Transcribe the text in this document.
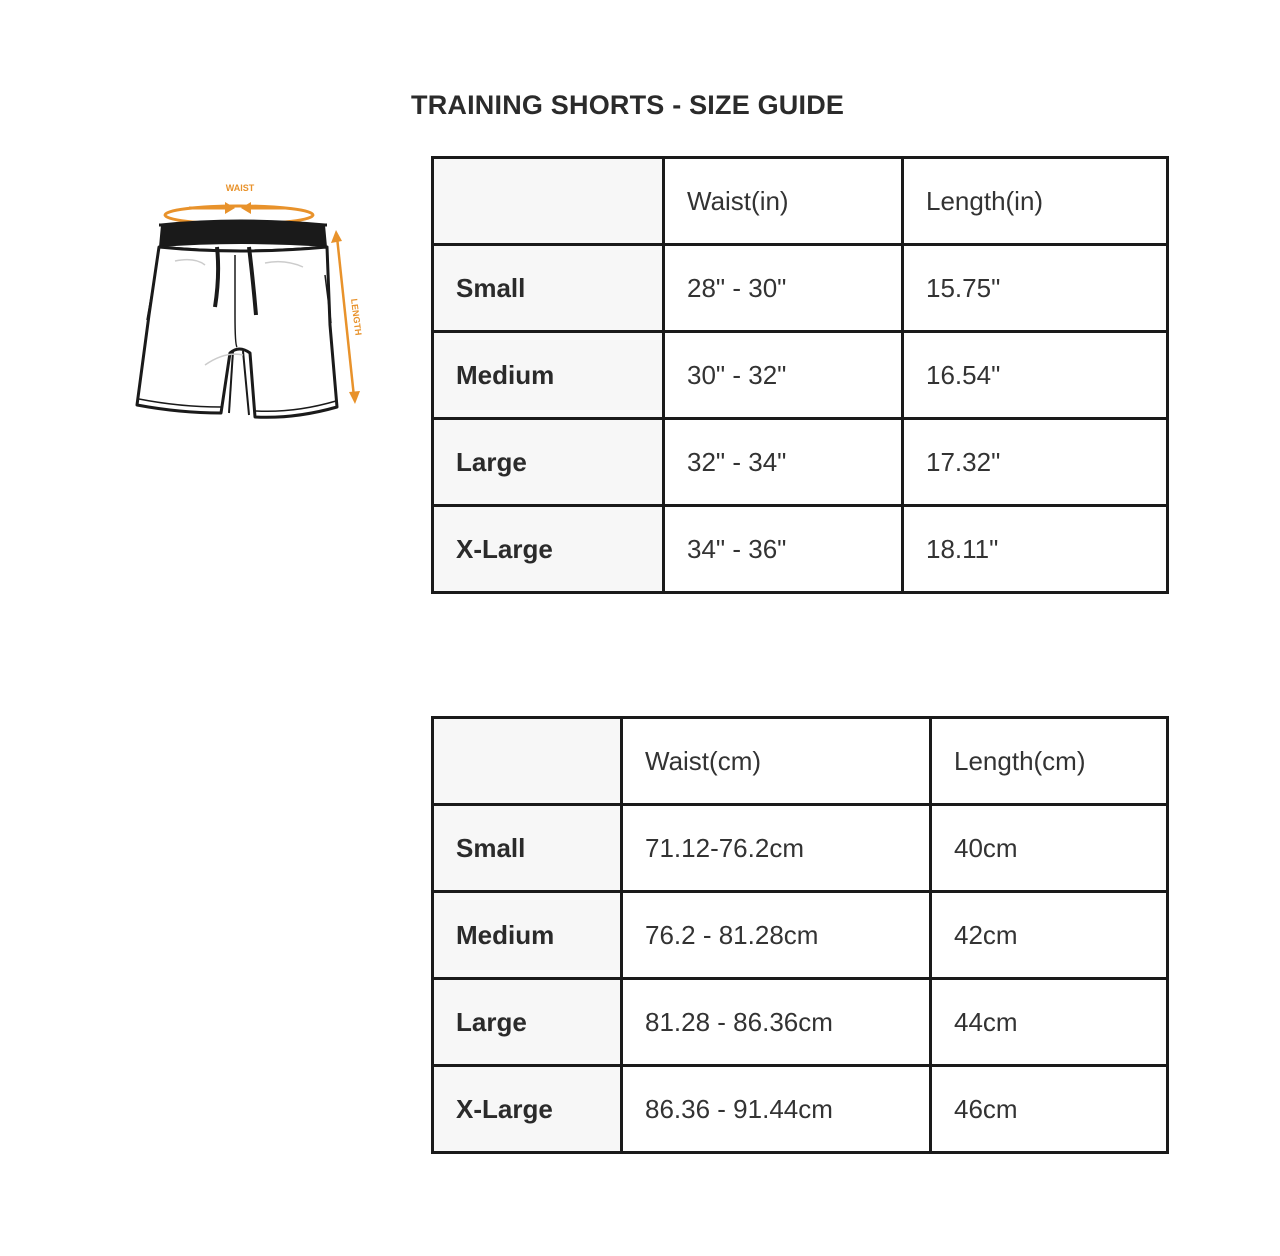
TRAINING SHORTS - SIZE GUIDE
WAIST
LENGTH
	Waist(in)	Length(in)
Small	28" - 30"	15.75"
Medium	30" - 32"	16.54"
Large	32" - 34"	17.32"
X-Large	34" - 36"	18.11"
	Waist(cm)	Length(cm)
Small	71.12-76.2cm	40cm
Medium	76.2 - 81.28cm	42cm
Large	81.28 - 86.36cm	44cm
X-Large	86.36 - 91.44cm	46cm
